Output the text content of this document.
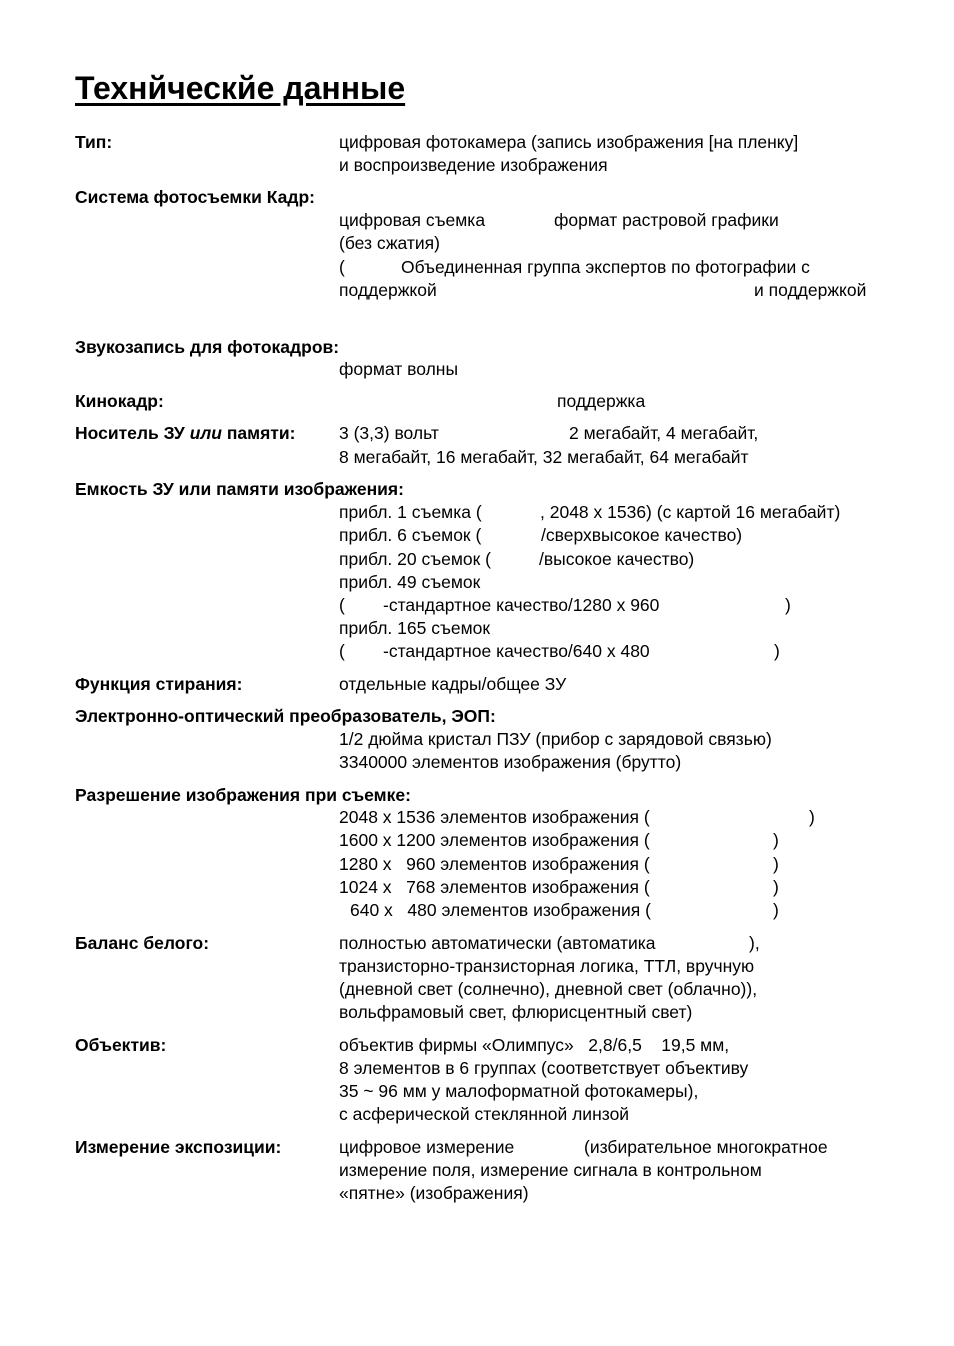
Технйческйе данные
Тип:	цифровая фотокамера (запись изображения [на пленку]
и воспроизведение изображения
Система фотосъемки Кадр:
цифровая съемка	формат растровой графики
(без сжатия)
(	Объединенная группа экспертов по фотографии с
поддержкой	и поддержкой
Звукозапись для фотокадров:
формат волны
Кинокадр:	поддержка
Носитель ЗУ или памяти: 3 (3,3) вольт	2 мегабайт, 4 мегабайт,
8 мегабайт, 16 мегабайт, 32 мегабайт, 64 мегабайт
Емкость ЗУ или памяти изображения:
прибл. 1 съемка (	, 2048 x 1536) (с картой 16 мегабайт)
прибл. 6 съемок (	/сверхвысокое качество)
прибл. 20 съемок (	/высокое качество)
прибл. 49 съемок
( -стандартное качество/1280 x 960	)
прибл. 165 съемок
( -стандартное качество/640 x 480	)
Функция стирания:	отдельные кадры/общее ЗУ
Электронно-оптический преобразователь, ЭОП:
1/2 дюйма кристал ПЗУ (прибор с зарядовой связью)
3340000 элементов изображения (брутто)
Разрешение изображения при съемке:
2048 x 1536 элементов изображения (	)
1600 x 1200 элементов изображения (	)
1280 x   960 элементов изображения (	)
1024 x   768 элементов изображения (	)
640 x   480 элементов изображения (	)
Баланс белого:	полностью автоматически (автоматика	),
транзисторно-транзисторная логика, ТТЛ, вручную
(дневной свет (солнечно), дневной свет (облачно)),
вольфрамовый свет, флюрисцентный свет)
Объектив:	объектив фирмы «Олимпус»   2,8/6,5    19,5 мм,
8 элементов в 6 группах (соответствует объективу
35 ~ 96 мм у малоформатной фотокамеры),
с асферической стеклянной линзой
Измерение экспозиции:	цифровое измерение	(избирательное многократное
измерение поля, измерение сигнала в контрольном
«пятне» (изображения)
